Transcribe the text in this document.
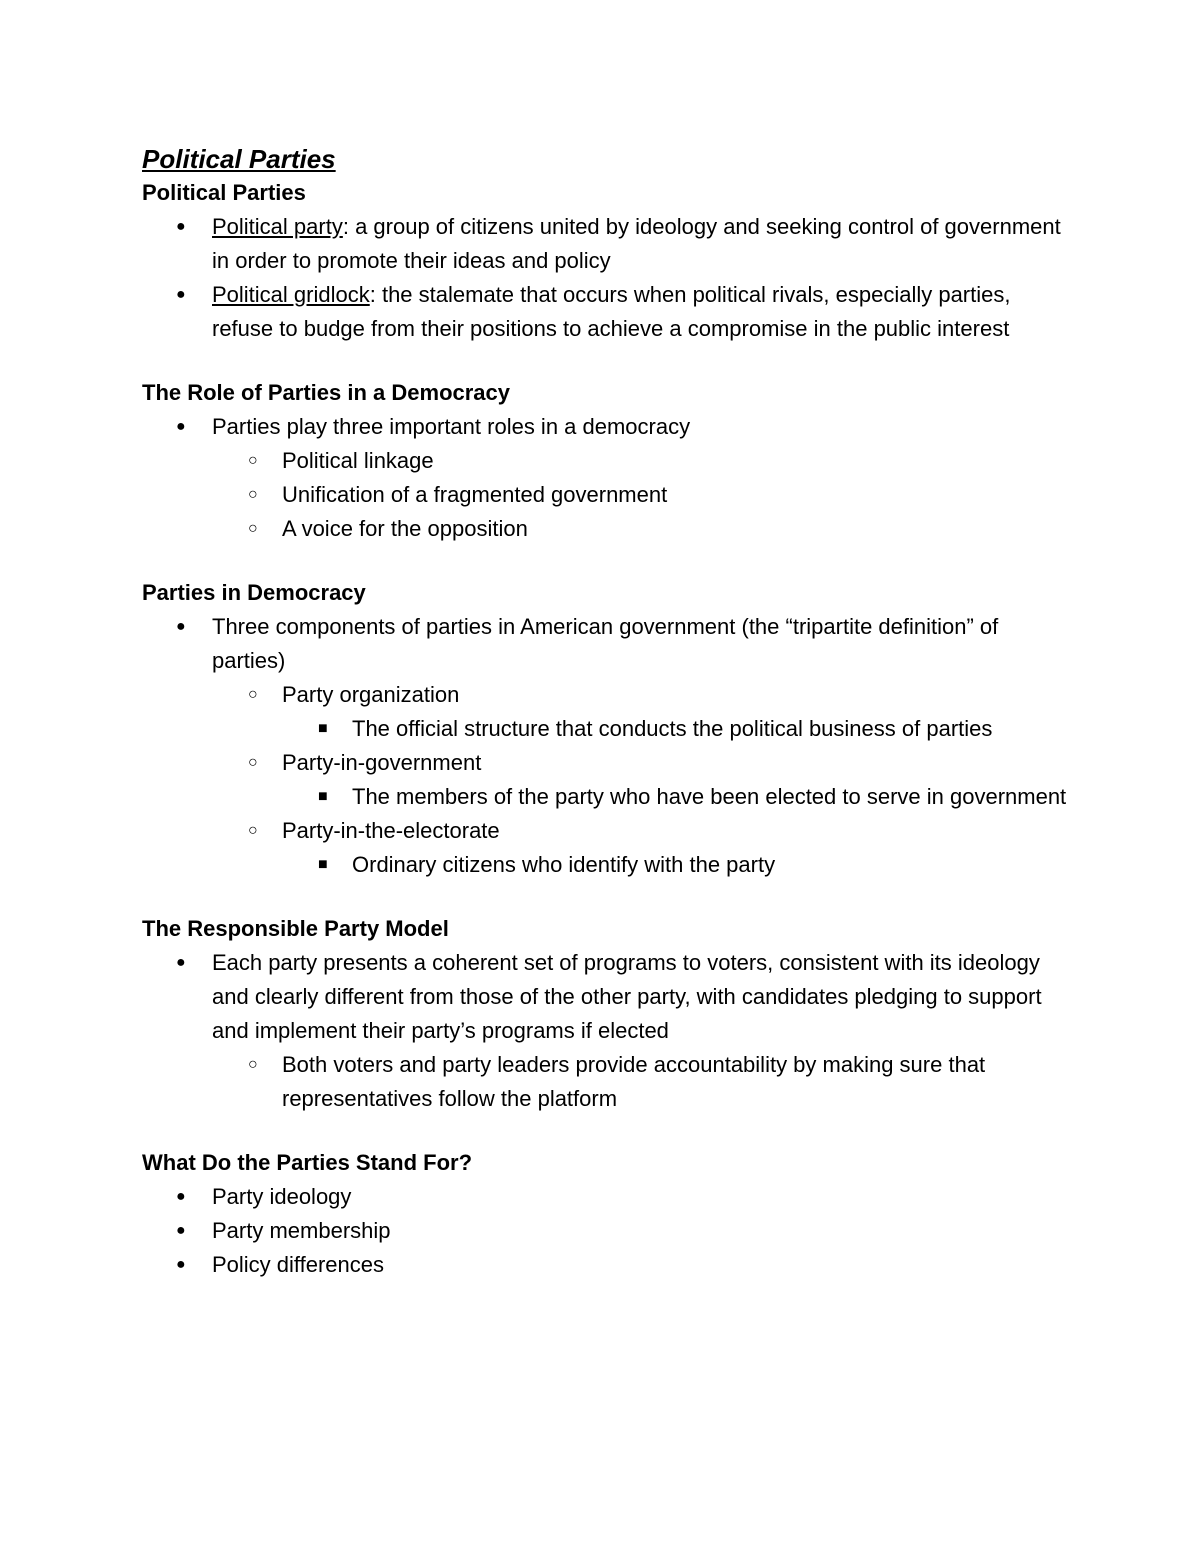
Political Parties
Political Parties
● Political party: a group of citizens united by ideology and seeking control of government in order to promote their ideas and policy
● Political gridlock: the stalemate that occurs when political rivals, especially parties, refuse to budge from their positions to achieve a compromise in the public interest
The Role of Parties in a Democracy
● Parties play three important roles in a democracy
○ Political linkage
○ Unification of a fragmented government
○ A voice for the opposition
Parties in Democracy
● Three components of parties in American government (the “tripartite definition” of parties)
○ Party organization
■ The official structure that conducts the political business of parties
○ Party-in-government
■ The members of the party who have been elected to serve in government
○ Party-in-the-electorate
■ Ordinary citizens who identify with the party
The Responsible Party Model
● Each party presents a coherent set of programs to voters, consistent with its ideology and clearly different from those of the other party, with candidates pledging to support and implement their party’s programs if elected
○ Both voters and party leaders provide accountability by making sure that representatives follow the platform
What Do the Parties Stand For?
● Party ideology
● Party membership
● Policy differences
